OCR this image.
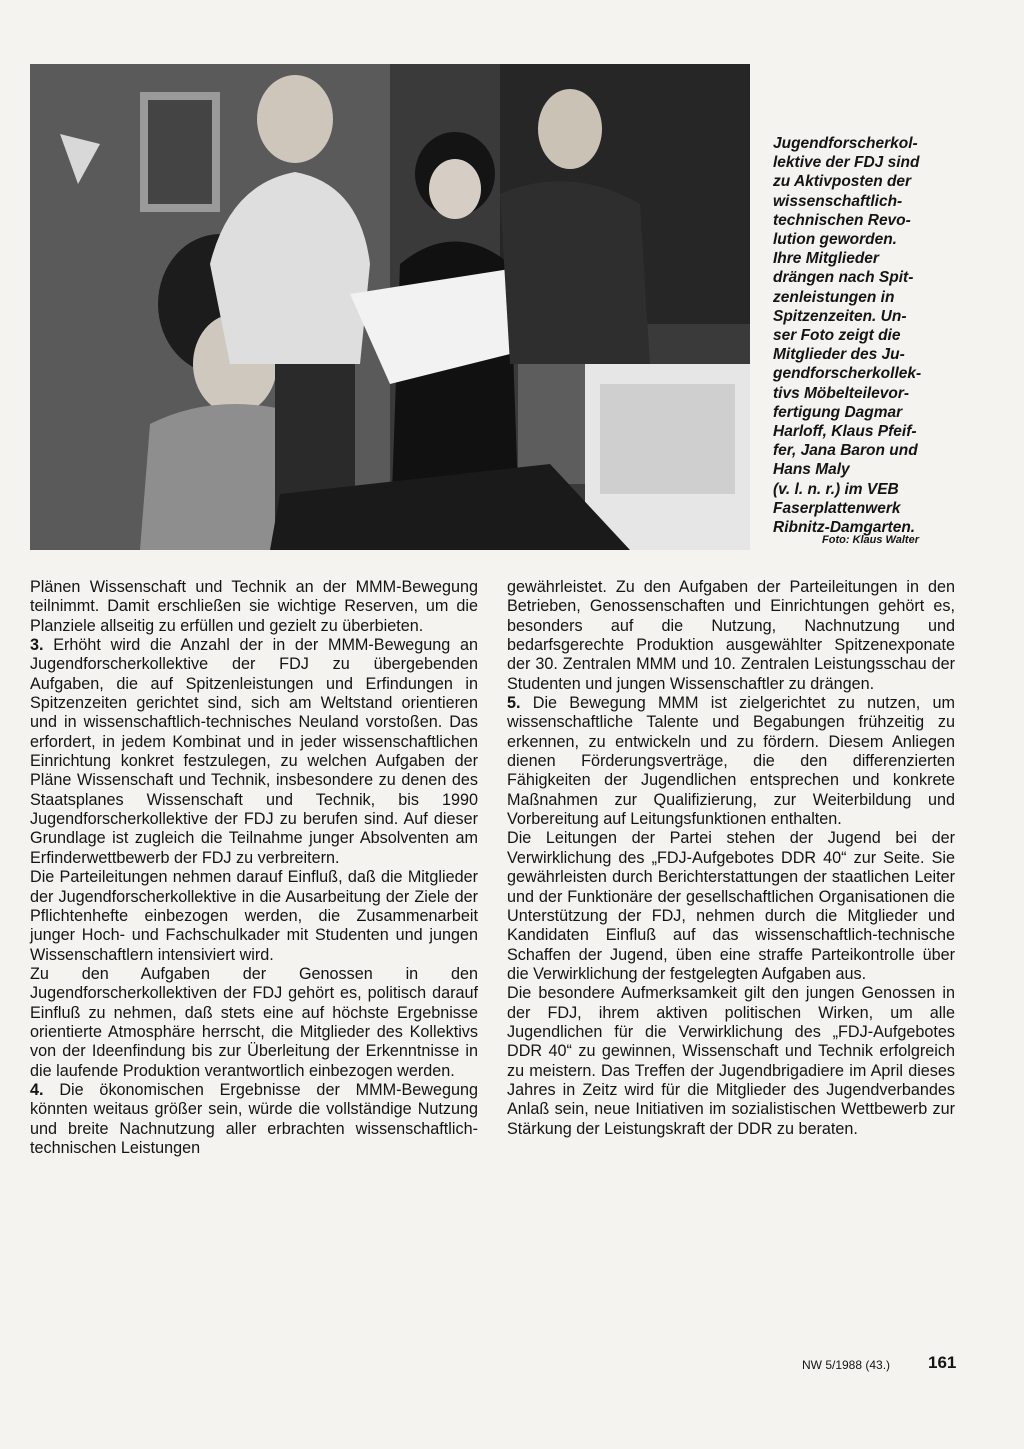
Jugendforscherkol-
lektive der FDJ sind
zu Aktivposten der
wissenschaftlich-
technischen Revo-
lution geworden.
Ihre Mitglieder
drängen nach Spit-
zenleistungen in
Spitzenzeiten. Un-
ser Foto zeigt die
Mitglieder des Ju-
gendforscherkollek-
tivs Möbelteilevor-
fertigung Dagmar
Harloff, Klaus Pfeif-
fer, Jana Baron und
Hans Maly
(v. l. n. r.) im VEB
Faserplattenwerk
Ribnitz-Damgarten.

Foto: Klaus Walter

Plänen Wissenschaft und Technik an der MMM-Bewegung teilnimmt. Damit erschließen sie wichtige Reserven, um die Planziele allseitig zu erfüllen und gezielt zu überbieten.

3. Erhöht wird die Anzahl der in der MMM-Bewegung an Jugendforscherkollektive der FDJ zu übergebenden Aufgaben, die auf Spitzenleistungen und Erfindungen in Spitzenzeiten gerichtet sind, sich am Weltstand orientieren und in wissenschaftlich-technisches Neuland vorstoßen. Das erfordert, in jedem Kombinat und in jeder wissenschaftlichen Einrichtung konkret festzulegen, zu welchen Aufgaben der Pläne Wissenschaft und Technik, insbesondere zu denen des Staatsplanes Wissenschaft und Technik, bis 1990 Jugendforscherkollektive der FDJ zu berufen sind. Auf dieser Grundlage ist zugleich die Teilnahme junger Absolventen am Erfinderwettbewerb der FDJ zu verbreitern.

Die Parteileitungen nehmen darauf Einfluß, daß die Mitglieder der Jugendforscherkollektive in die Ausarbeitung der Ziele der Pflichtenhefte einbezogen werden, die Zusammenarbeit junger Hoch- und Fachschulkader mit Studenten und jungen Wissenschaftlern intensiviert wird.

Zu den Aufgaben der Genossen in den Jugendforscherkollektiven der FDJ gehört es, politisch darauf Einfluß zu nehmen, daß stets eine auf höchste Ergebnisse orientierte Atmosphäre herrscht, die Mitglieder des Kollektivs von der Ideenfindung bis zur Überleitung der Erkenntnisse in die laufende Produktion verantwortlich einbezogen werden.

4. Die ökonomischen Ergebnisse der MMM-Bewegung könnten weitaus größer sein, würde die vollständige Nutzung und breite Nachnutzung aller erbrachten wissenschaftlich-technischen Leistungen

gewährleistet. Zu den Aufgaben der Parteileitungen in den Betrieben, Genossenschaften und Einrichtungen gehört es, besonders auf die Nutzung, Nachnutzung und bedarfsgerechte Produktion ausgewählter Spitzenexponate der 30. Zentralen MMM und 10. Zentralen Leistungsschau der Studenten und jungen Wissenschaftler zu drängen.

5. Die Bewegung MMM ist zielgerichtet zu nutzen, um wissenschaftliche Talente und Begabungen frühzeitig zu erkennen, zu entwickeln und zu fördern. Diesem Anliegen dienen Förderungsverträge, die den differenzierten Fähigkeiten der Jugendlichen entsprechen und konkrete Maßnahmen zur Qualifizierung, zur Weiterbildung und Vorbereitung auf Leitungsfunktionen enthalten.

Die Leitungen der Partei stehen der Jugend bei der Verwirklichung des „FDJ-Aufgebotes DDR 40“ zur Seite. Sie gewährleisten durch Berichterstattungen der staatlichen Leiter und der Funktionäre der gesellschaftlichen Organisationen die Unterstützung der FDJ, nehmen durch die Mitglieder und Kandidaten Einfluß auf das wissenschaftlich-technische Schaffen der Jugend, üben eine straffe Parteikontrolle über die Verwirklichung der festgelegten Aufgaben aus.

Die besondere Aufmerksamkeit gilt den jungen Genossen in der FDJ, ihrem aktiven politischen Wirken, um alle Jugendlichen für die Verwirklichung des „FDJ-Aufgebotes DDR 40“ zu gewinnen, Wissenschaft und Technik erfolgreich zu meistern. Das Treffen der Jugendbrigadiere im April dieses Jahres in Zeitz wird für die Mitglieder des Jugendverbandes Anlaß sein, neue Initiativen im sozialistischen Wettbewerb zur Stärkung der Leistungskraft der DDR zu beraten.

NW 5/1988 (43.) 161
